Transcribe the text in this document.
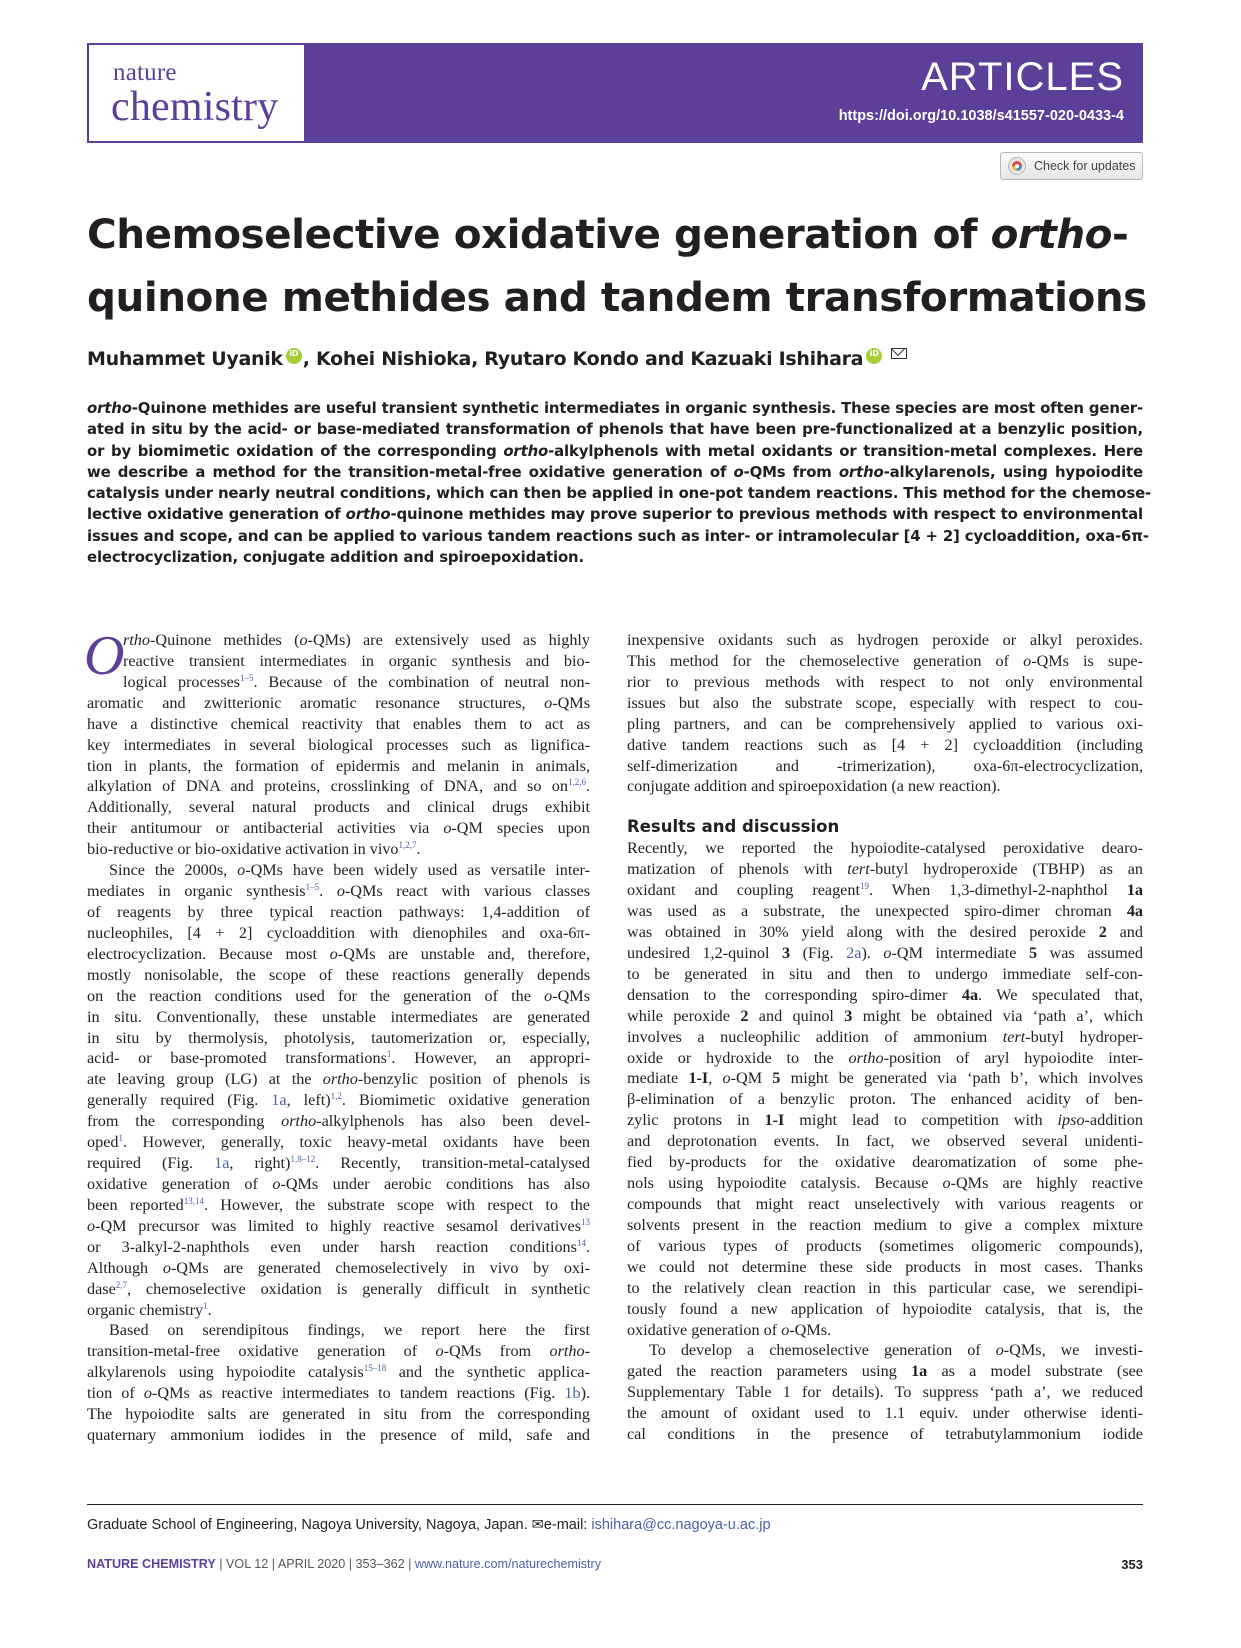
nature
chemistry
ARTICLES
https://doi.org/10.1038/s41557-020-0433-4
Check for updates
Chemoselective oxidative generation of ortho-
quinone methides and tandem transformations
Muhammet Uyanik iD , Kohei Nishioka, Ryutaro Kondo and Kazuaki Ishihara iD
ortho-Quinone methides are useful transient synthetic intermediates in organic synthesis. These species are most often gener-
ated in situ by the acid- or base-mediated transformation of phenols that have been pre-functionalized at a benzylic position,
or by biomimetic oxidation of the corresponding ortho-alkylphenols with metal oxidants or transition-metal complexes. Here
we describe a method for the transition-metal-free oxidative generation of o-QMs from ortho-alkylarenols, using hypoiodite
catalysis under nearly neutral conditions, which can then be applied in one-pot tandem reactions. This method for the chemose-
lective oxidative generation of ortho-quinone methides may prove superior to previous methods with respect to environmental
issues and scope, and can be applied to various tandem reactions such as inter- or intramolecular [4 + 2] cycloaddition, oxa-6π-
electrocyclization, conjugate addition and spiroepoxidation.
O
rtho-Quinone methides (o-QMs) are extensively used as highly
reactive transient intermediates in organic synthesis and bio-
logical processes$^{1-5}$. Because of the combination of neutral non-
aromatic and zwitterionic aromatic resonance structures, o-QMs
have a distinctive chemical reactivity that enables them to act as
key intermediates in several biological processes such as lignifica-
tion in plants, the formation of epidermis and melanin in animals,
alkylation of DNA and proteins, crosslinking of DNA, and so on$^{1,2,6}$.
Additionally, several natural products and clinical drugs exhibit
their antitumour or antibacterial activities via o-QM species upon
bio-reductive or bio-oxidative activation in vivo$^{1,2,7}$.
Since the 2000s, o-QMs have been widely used as versatile inter-
mediates in organic synthesis$^{1-5}$. o-QMs react with various classes
of reagents by three typical reaction pathways: 1,4-addition of
nucleophiles, [4 + 2] cycloaddition with dienophiles and oxa-6π-
electrocyclization. Because most o-QMs are unstable and, therefore,
mostly nonisolable, the scope of these reactions generally depends
on the reaction conditions used for the generation of the o-QMs
in situ. Conventionally, these unstable intermediates are generated
in situ by thermolysis, photolysis, tautomerization or, especially,
acid- or base-promoted transformations$^1$. However, an appropri-
ate leaving group (LG) at the ortho-benzylic position of phenols is
generally required (Fig. 1a, left)$^{1,2}$. Biomimetic oxidative generation
from the corresponding ortho-alkylphenols has also been devel-
oped$^1$. However, generally, toxic heavy-metal oxidants have been
required (Fig. 1a, right)$^{1,8-12}$. Recently, transition-metal-catalysed
oxidative generation of o-QMs under aerobic conditions has also
been reported$^{13,14}$. However, the substrate scope with respect to the
o-QM precursor was limited to highly reactive sesamol derivatives$^{13}$
or 3-alkyl-2-naphthols even under harsh reaction conditions$^{14}$.
Although o-QMs are generated chemoselectively in vivo by oxi-
dase$^{2,7}$, chemoselective oxidation is generally difficult in synthetic
organic chemistry$^1$.
Based on serendipitous findings, we report here the first
transition-metal-free oxidative generation of o-QMs from ortho-
alkylarenols using hypoiodite catalysis$^{15-18}$ and the synthetic applica-
tion of o-QMs as reactive intermediates to tandem reactions (Fig. 1b).
The hypoiodite salts are generated in situ from the corresponding
quaternary ammonium iodides in the presence of mild, safe and
inexpensive oxidants such as hydrogen peroxide or alkyl peroxides.
This method for the chemoselective generation of o-QMs is supe-
rior to previous methods with respect to not only environmental
issues but also the substrate scope, especially with respect to cou-
pling partners, and can be comprehensively applied to various oxi-
dative tandem reactions such as [4 + 2] cycloaddition (including
self-dimerization and -trimerization), oxa-6π-electrocyclization,
conjugate addition and spiroepoxidation (a new reaction).
Results and discussion
Recently, we reported the hypoiodite-catalysed peroxidative dearo-
matization of phenols with tert-butyl hydroperoxide (TBHP) as an
oxidant and coupling reagent$^{19}$. When 1,3-dimethyl-2-naphthol 1a
was used as a substrate, the unexpected spiro-dimer chroman 4a
was obtained in 30% yield along with the desired peroxide 2 and
undesired 1,2-quinol 3 (Fig. 2a). o-QM intermediate 5 was assumed
to be generated in situ and then to undergo immediate self-con-
densation to the corresponding spiro-dimer 4a. We speculated that,
while peroxide 2 and quinol 3 might be obtained via ‘path a’, which
involves a nucleophilic addition of ammonium tert-butyl hydroper-
oxide or hydroxide to the ortho-position of aryl hypoiodite inter-
mediate 1-I, o-QM 5 might be generated via ‘path b’, which involves
β-elimination of a benzylic proton. The enhanced acidity of ben-
zylic protons in 1-I might lead to competition with ipso-addition
and deprotonation events. In fact, we observed several unidenti-
fied by-products for the oxidative dearomatization of some phe-
nols using hypoiodite catalysis. Because o-QMs are highly reactive
compounds that might react unselectively with various reagents or
solvents present in the reaction medium to give a complex mixture
of various types of products (sometimes oligomeric compounds),
we could not determine these side products in most cases. Thanks
to the relatively clean reaction in this particular case, we serendipi-
tously found a new application of hypoiodite catalysis, that is, the
oxidative generation of o-QMs.
To develop a chemoselective generation of o-QMs, we investi-
gated the reaction parameters using 1a as a model substrate (see
Supplementary Table 1 for details). To suppress ‘path a’, we reduced
the amount of oxidant used to 1.1 equiv. under otherwise identi-
cal conditions in the presence of tetrabutylammonium iodide
Graduate School of Engineering, Nagoya University, Nagoya, Japan. ✉e-mail: ishihara@cc.nagoya-u.ac.jp
NATURE CHEMISTRY | VOL 12 | APRIL 2020 | 353–362 | www.nature.com/naturechemistry	353
